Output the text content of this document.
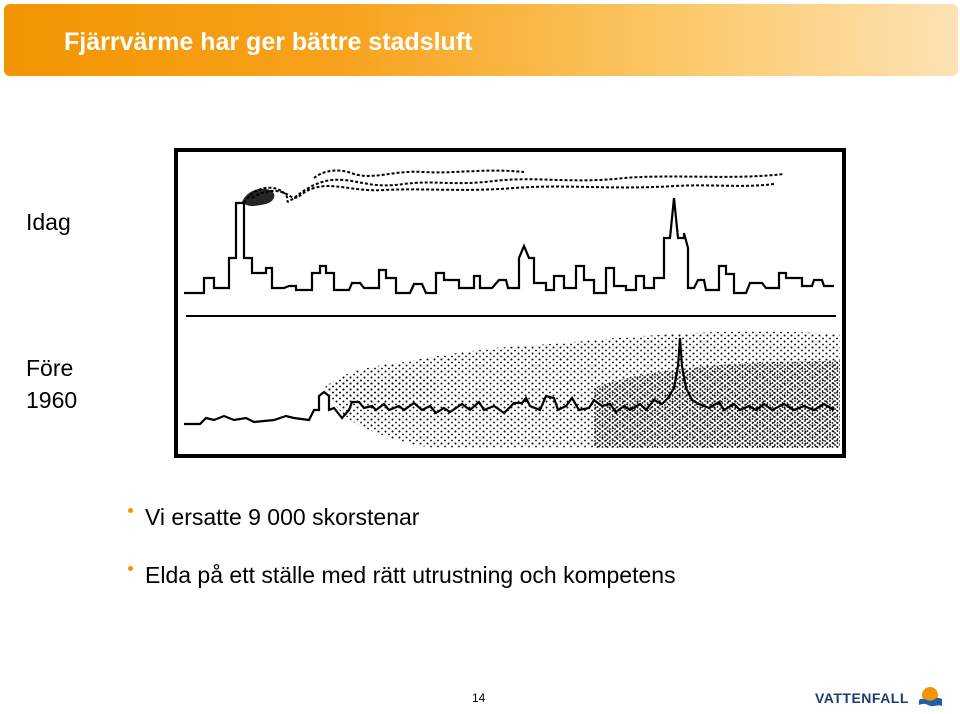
Fjärrvärme har ger bättre stadsluft
Idag
Före
1960
Vi ersatte 9 000 skorstenar
Elda på ett ställe med rätt utrustning och kompetens
14	VATTENFALL
